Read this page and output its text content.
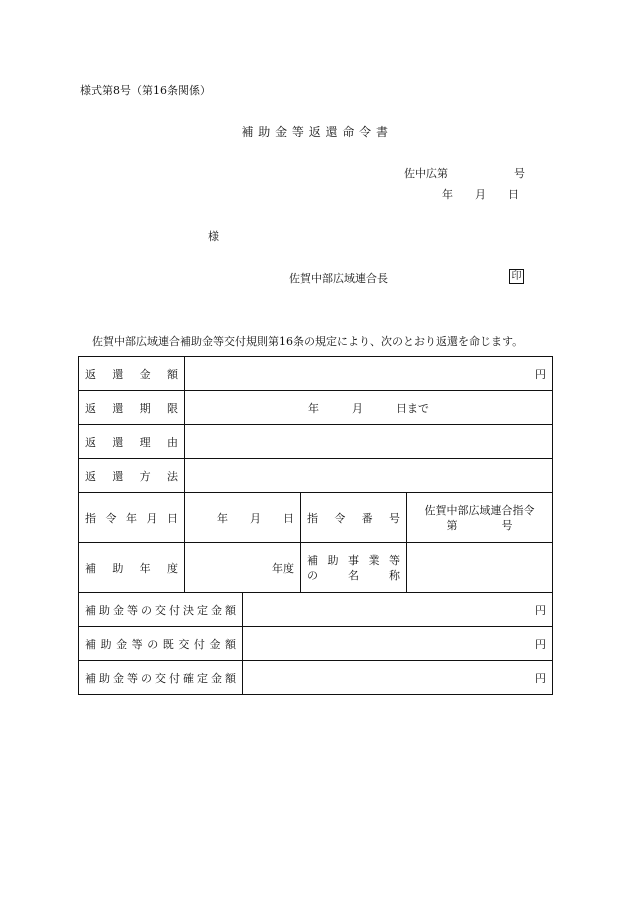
様式第8号（第16条関係）
補 助 金 等 返 還 命 令 書
佐中広第	号
年　　月　　日
様
佐賀中部広域連合長	印
佐賀中部広域連合補助金等交付規則第16条の規定により、次のとおり返還を命じます。
返還金額	円			

返還期限	年　　　月　　　日まで			

返還理由				

返還方法				

指令年月日	年　　月　　日		指令番号	佐賀中部広域連合指令
第　　　　号

補助年度	年度		補助事業等
の名称	

補助金等の交付決定金額		円		

補助金等の既交付金額		円		

補助金等の交付確定金額		円		
